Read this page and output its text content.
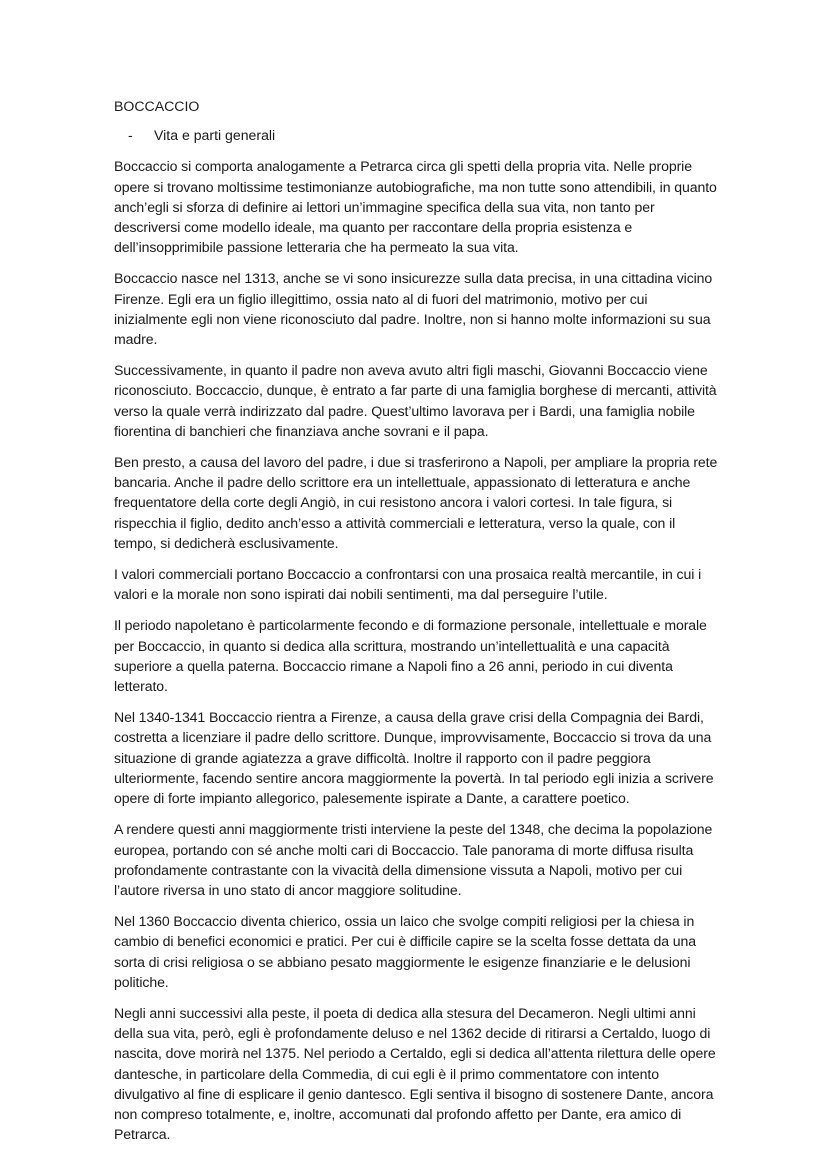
BOCCACCIO
-	Vita e parti generali

Boccaccio si comporta analogamente a Petrarca circa gli spetti della propria vita. Nelle proprie opere si trovano moltissime testimonianze autobiografiche, ma non tutte sono attendibili, in quanto anch’egli si sforza di definire ai lettori un’immagine specifica della sua vita, non tanto per descriversi come modello ideale, ma quanto per raccontare della propria esistenza e dell’insopprimibile passione letteraria che ha permeato la sua vita.

Boccaccio nasce nel 1313, anche se vi sono insicurezze sulla data precisa, in una cittadina vicino Firenze. Egli era un figlio illegittimo, ossia nato al di fuori del matrimonio, motivo per cui inizialmente egli non viene riconosciuto dal padre. Inoltre, non si hanno molte informazioni su sua madre.

Successivamente, in quanto il padre non aveva avuto altri figli maschi, Giovanni Boccaccio viene riconosciuto. Boccaccio, dunque, è entrato a far parte di una famiglia borghese di mercanti, attività verso la quale verrà indirizzato dal padre. Quest’ultimo lavorava per i Bardi, una famiglia nobile fiorentina di banchieri che finanziava anche sovrani e il papa.

Ben presto, a causa del lavoro del padre, i due si trasferirono a Napoli, per ampliare la propria rete bancaria. Anche il padre dello scrittore era un intellettuale, appassionato di letteratura e anche frequentatore della corte degli Angiò, in cui resistono ancora i valori cortesi. In tale figura, si rispecchia il figlio, dedito anch’esso a attività commerciali e letteratura, verso la quale, con il tempo, si dedicherà esclusivamente.

I valori commerciali portano Boccaccio a confrontarsi con una prosaica realtà mercantile, in cui i valori e la morale non sono ispirati dai nobili sentimenti, ma dal perseguire l’utile.

Il periodo napoletano è particolarmente fecondo e di formazione personale, intellettuale e morale per Boccaccio, in quanto si dedica alla scrittura, mostrando un’intellettualità e una capacità superiore a quella paterna. Boccaccio rimane a Napoli fino a 26 anni, periodo in cui diventa letterato.

Nel 1340-1341 Boccaccio rientra a Firenze, a causa della grave crisi della Compagnia dei Bardi, costretta a licenziare il padre dello scrittore. Dunque, improvvisamente, Boccaccio si trova da una situazione di grande agiatezza a grave difficoltà. Inoltre il rapporto con il padre peggiora ulteriormente, facendo sentire ancora maggiormente la povertà. In tal periodo egli inizia a scrivere opere di forte impianto allegorico, palesemente ispirate a Dante, a carattere poetico.

A rendere questi anni maggiormente tristi interviene la peste del 1348, che decima la popolazione europea, portando con sé anche molti cari di Boccaccio. Tale panorama di morte diffusa risulta profondamente contrastante con la vivacità della dimensione vissuta a Napoli, motivo per cui l’autore riversa in uno stato di ancor maggiore solitudine.

Nel 1360 Boccaccio diventa chierico, ossia un laico che svolge compiti religiosi per la chiesa in cambio di benefici economici e pratici. Per cui è difficile capire se la scelta fosse dettata da una sorta di crisi religiosa o se abbiano pesato maggiormente le esigenze finanziarie e le delusioni politiche.

Negli anni successivi alla peste, il poeta di dedica alla stesura del Decameron. Negli ultimi anni della sua vita, però, egli è profondamente deluso e nel 1362 decide di ritirarsi a Certaldo, luogo di nascita, dove morirà nel 1375. Nel periodo a Certaldo, egli si dedica all’attenta rilettura delle opere dantesche, in particolare della Commedia, di cui egli è il primo commentatore con intento divulgativo al fine di esplicare il genio dantesco. Egli sentiva il bisogno di sostenere Dante, ancora non compreso totalmente, e, inoltre, accomunati dal profondo affetto per Dante, era amico di Petrarca.
